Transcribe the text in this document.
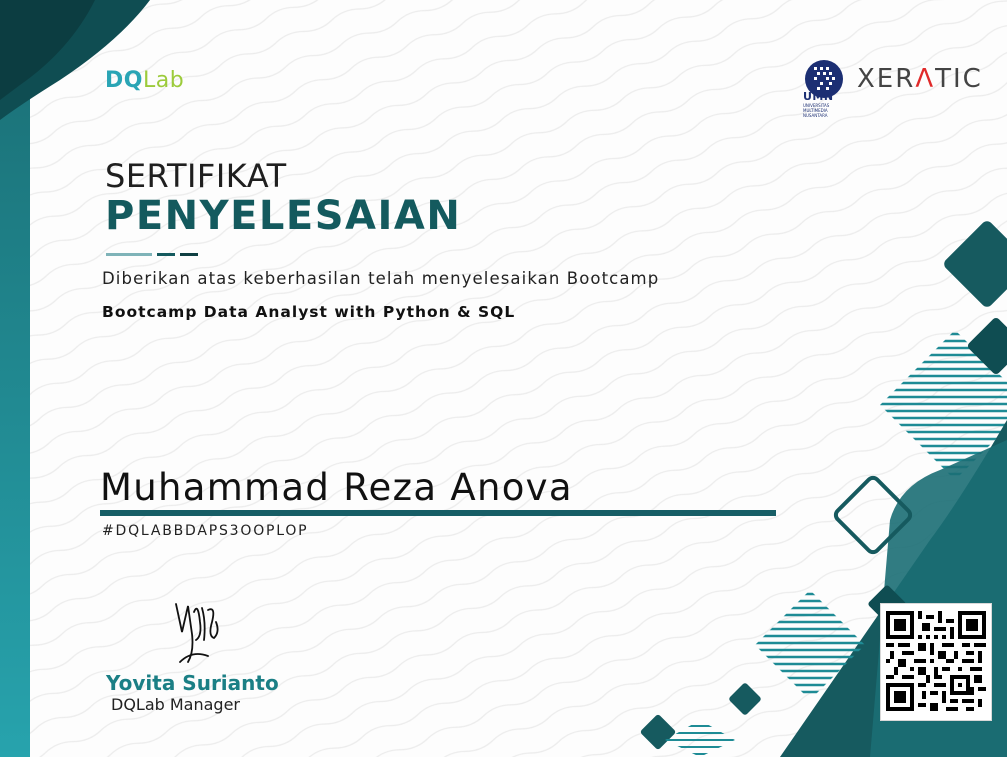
DQLab
UMN
UNIVERSITAS MULTIMEDIA NUSANTARA
XERΛTIC
SERTIFIKAT
PENYELESAIAN
Diberikan atas keberhasilan telah menyelesaikan Bootcamp
Bootcamp Data Analyst with Python & SQL
Muhammad Reza Anova
#DQLABBDAPS3OOPLOP
Yovita Surianto
DQLab Manager
